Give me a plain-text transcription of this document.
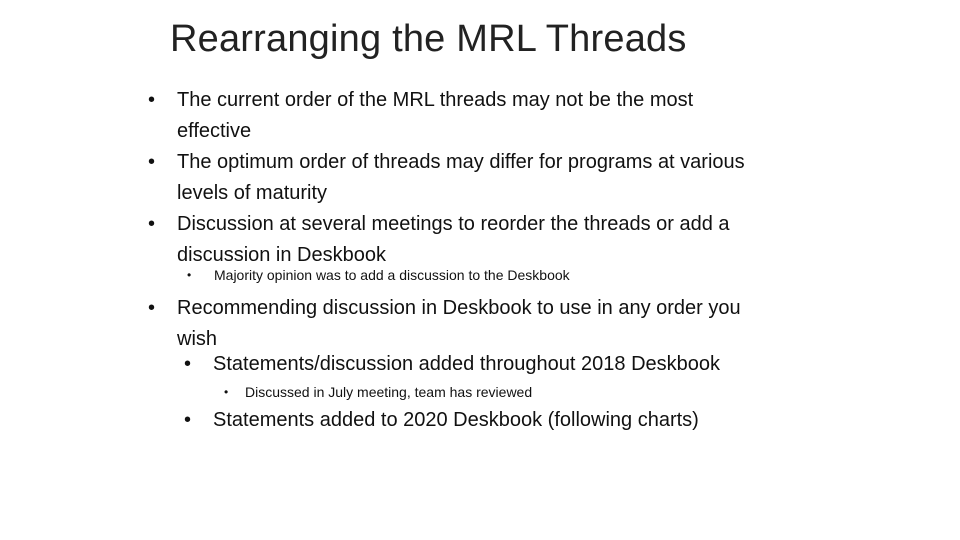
Rearranging the MRL Threads
• The current order of the MRL threads may not be the most
effective
• The optimum order of threads may differ for programs at various
levels of maturity
• Discussion at several meetings to reorder the threads or add a
discussion in Deskbook
• Majority opinion was to add a discussion to the Deskbook
• Recommending discussion in Deskbook to use in any order you
wish
• Statements/discussion added throughout 2018 Deskbook
• Discussed in July meeting, team has reviewed
• Statements added to 2020 Deskbook (following charts)
